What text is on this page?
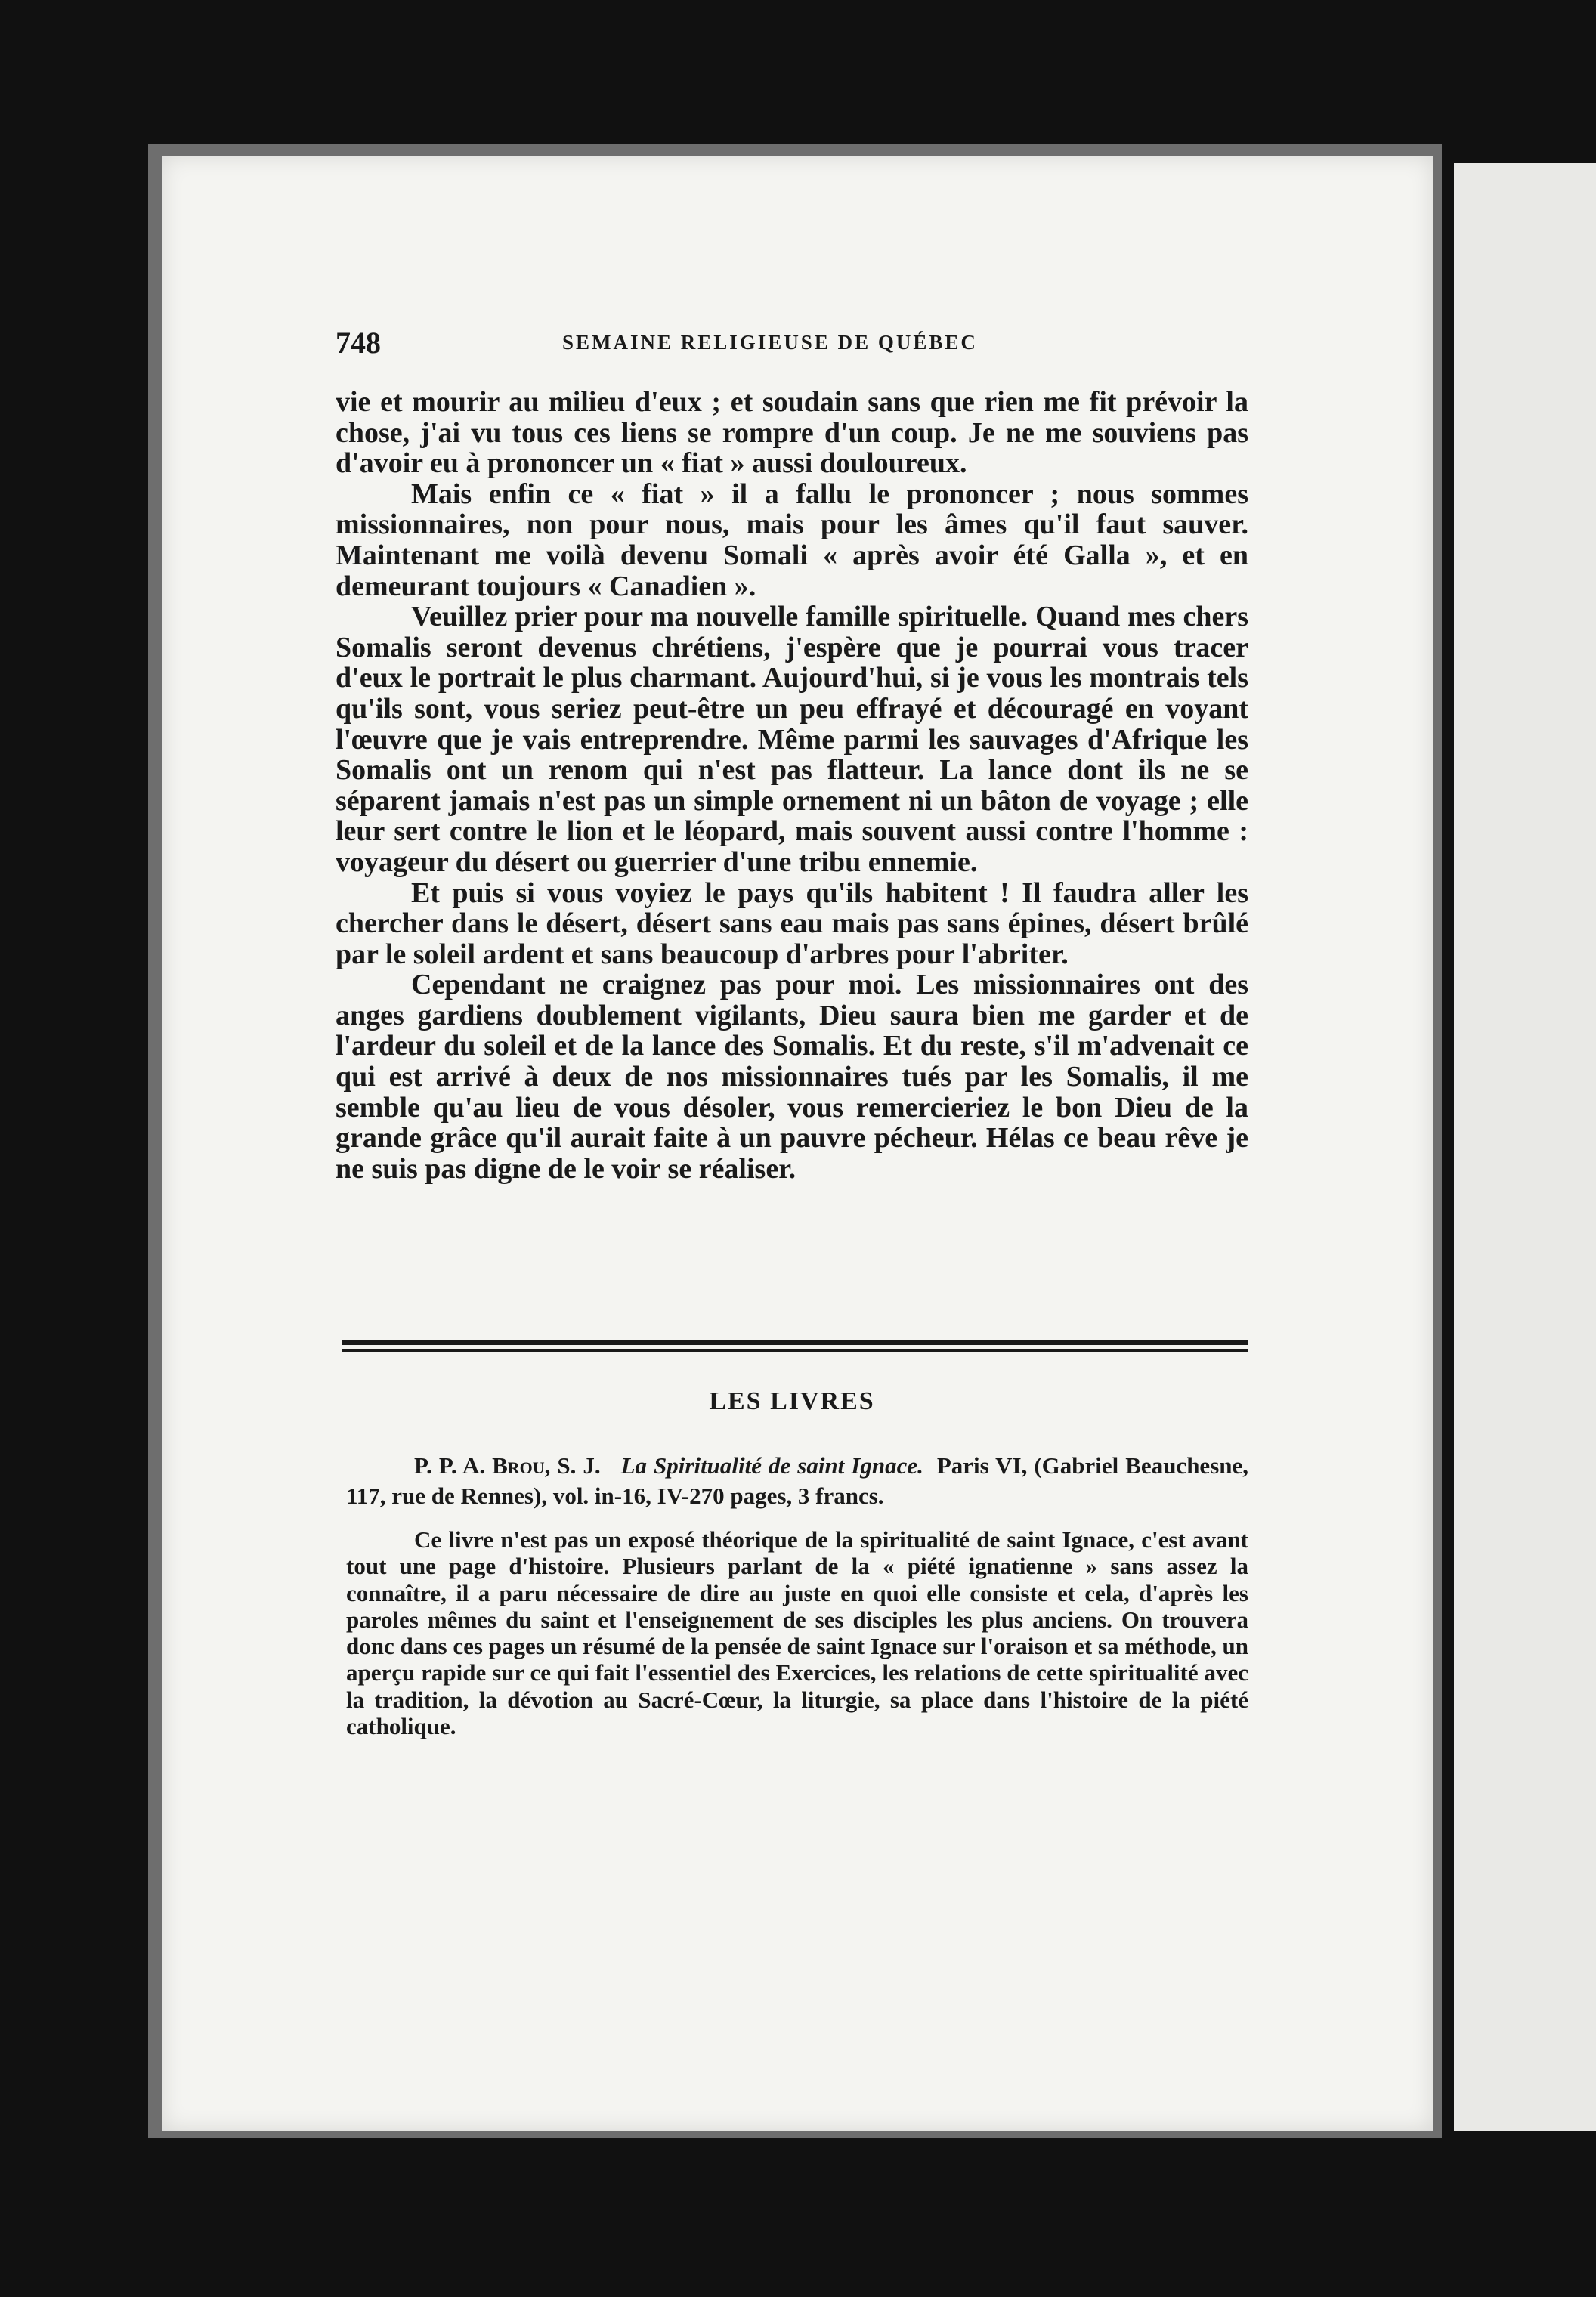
748	SEMAINE RELIGIEUSE DE QUÉBEC

vie et mourir au milieu d'eux ; et soudain sans que rien me fit prévoir la chose, j'ai vu tous ces liens se rompre d'un coup. Je ne me souviens pas d'avoir eu à prononcer un « fiat » aussi douloureux.

Mais enfin ce « fiat » il a fallu le prononcer ; nous sommes missionnaires, non pour nous, mais pour les âmes qu'il faut sauver. Maintenant me voilà devenu Somali « après avoir été Galla », et en demeurant toujours « Canadien ».

Veuillez prier pour ma nouvelle famille spirituelle. Quand mes chers Somalis seront devenus chrétiens, j'espère que je pourrai vous tracer d'eux le portrait le plus charmant. Aujourd'hui, si je vous les montrais tels qu'ils sont, vous seriez peut-être un peu effrayé et découragé en voyant l'œuvre que je vais entreprendre. Même parmi les sauvages d'Afrique les Somalis ont un renom qui n'est pas flatteur. La lance dont ils ne se séparent jamais n'est pas un simple ornement ni un bâton de voyage ; elle leur sert contre le lion et le léopard, mais souvent aussi contre l'homme : voyageur du désert ou guerrier d'une tribu ennemie.

Et puis si vous voyiez le pays qu'ils habitent ! Il faudra aller les chercher dans le désert, désert sans eau mais pas sans épines, désert brûlé par le soleil ardent et sans beaucoup d'arbres pour l'abriter.

Cependant ne craignez pas pour moi. Les missionnaires ont des anges gardiens doublement vigilants, Dieu saura bien me garder et de l'ardeur du soleil et de la lance des Somalis. Et du reste, s'il m'advenait ce qui est arrivé à deux de nos missionnaires tués par les Somalis, il me semble qu'au lieu de vous désoler, vous remercieriez le bon Dieu de la grande grâce qu'il aurait faite à un pauvre pécheur. Hélas ce beau rêve je ne suis pas digne de le voir se réaliser.

LES LIVRES

P. P. A. Brou, S. J. La Spiritualité de saint Ignace. Paris VI, (Gabriel Beauchesne, 117, rue de Rennes), vol. in-16, IV-270 pages, 3 francs.

Ce livre n'est pas un exposé théorique de la spiritualité de saint Ignace, c'est avant tout une page d'histoire. Plusieurs parlant de la « piété ignatienne » sans assez la connaître, il a paru nécessaire de dire au juste en quoi elle consiste et cela, d'après les paroles mêmes du saint et l'enseignement de ses disciples les plus anciens. On trouvera donc dans ces pages un résumé de la pensée de saint Ignace sur l'oraison et sa méthode, un aperçu rapide sur ce qui fait l'essentiel des Exercices, les relations de cette spiritualité avec la tradition, la dévotion au Sacré-Cœur, la liturgie, sa place dans l'histoire de la piété catholique.
